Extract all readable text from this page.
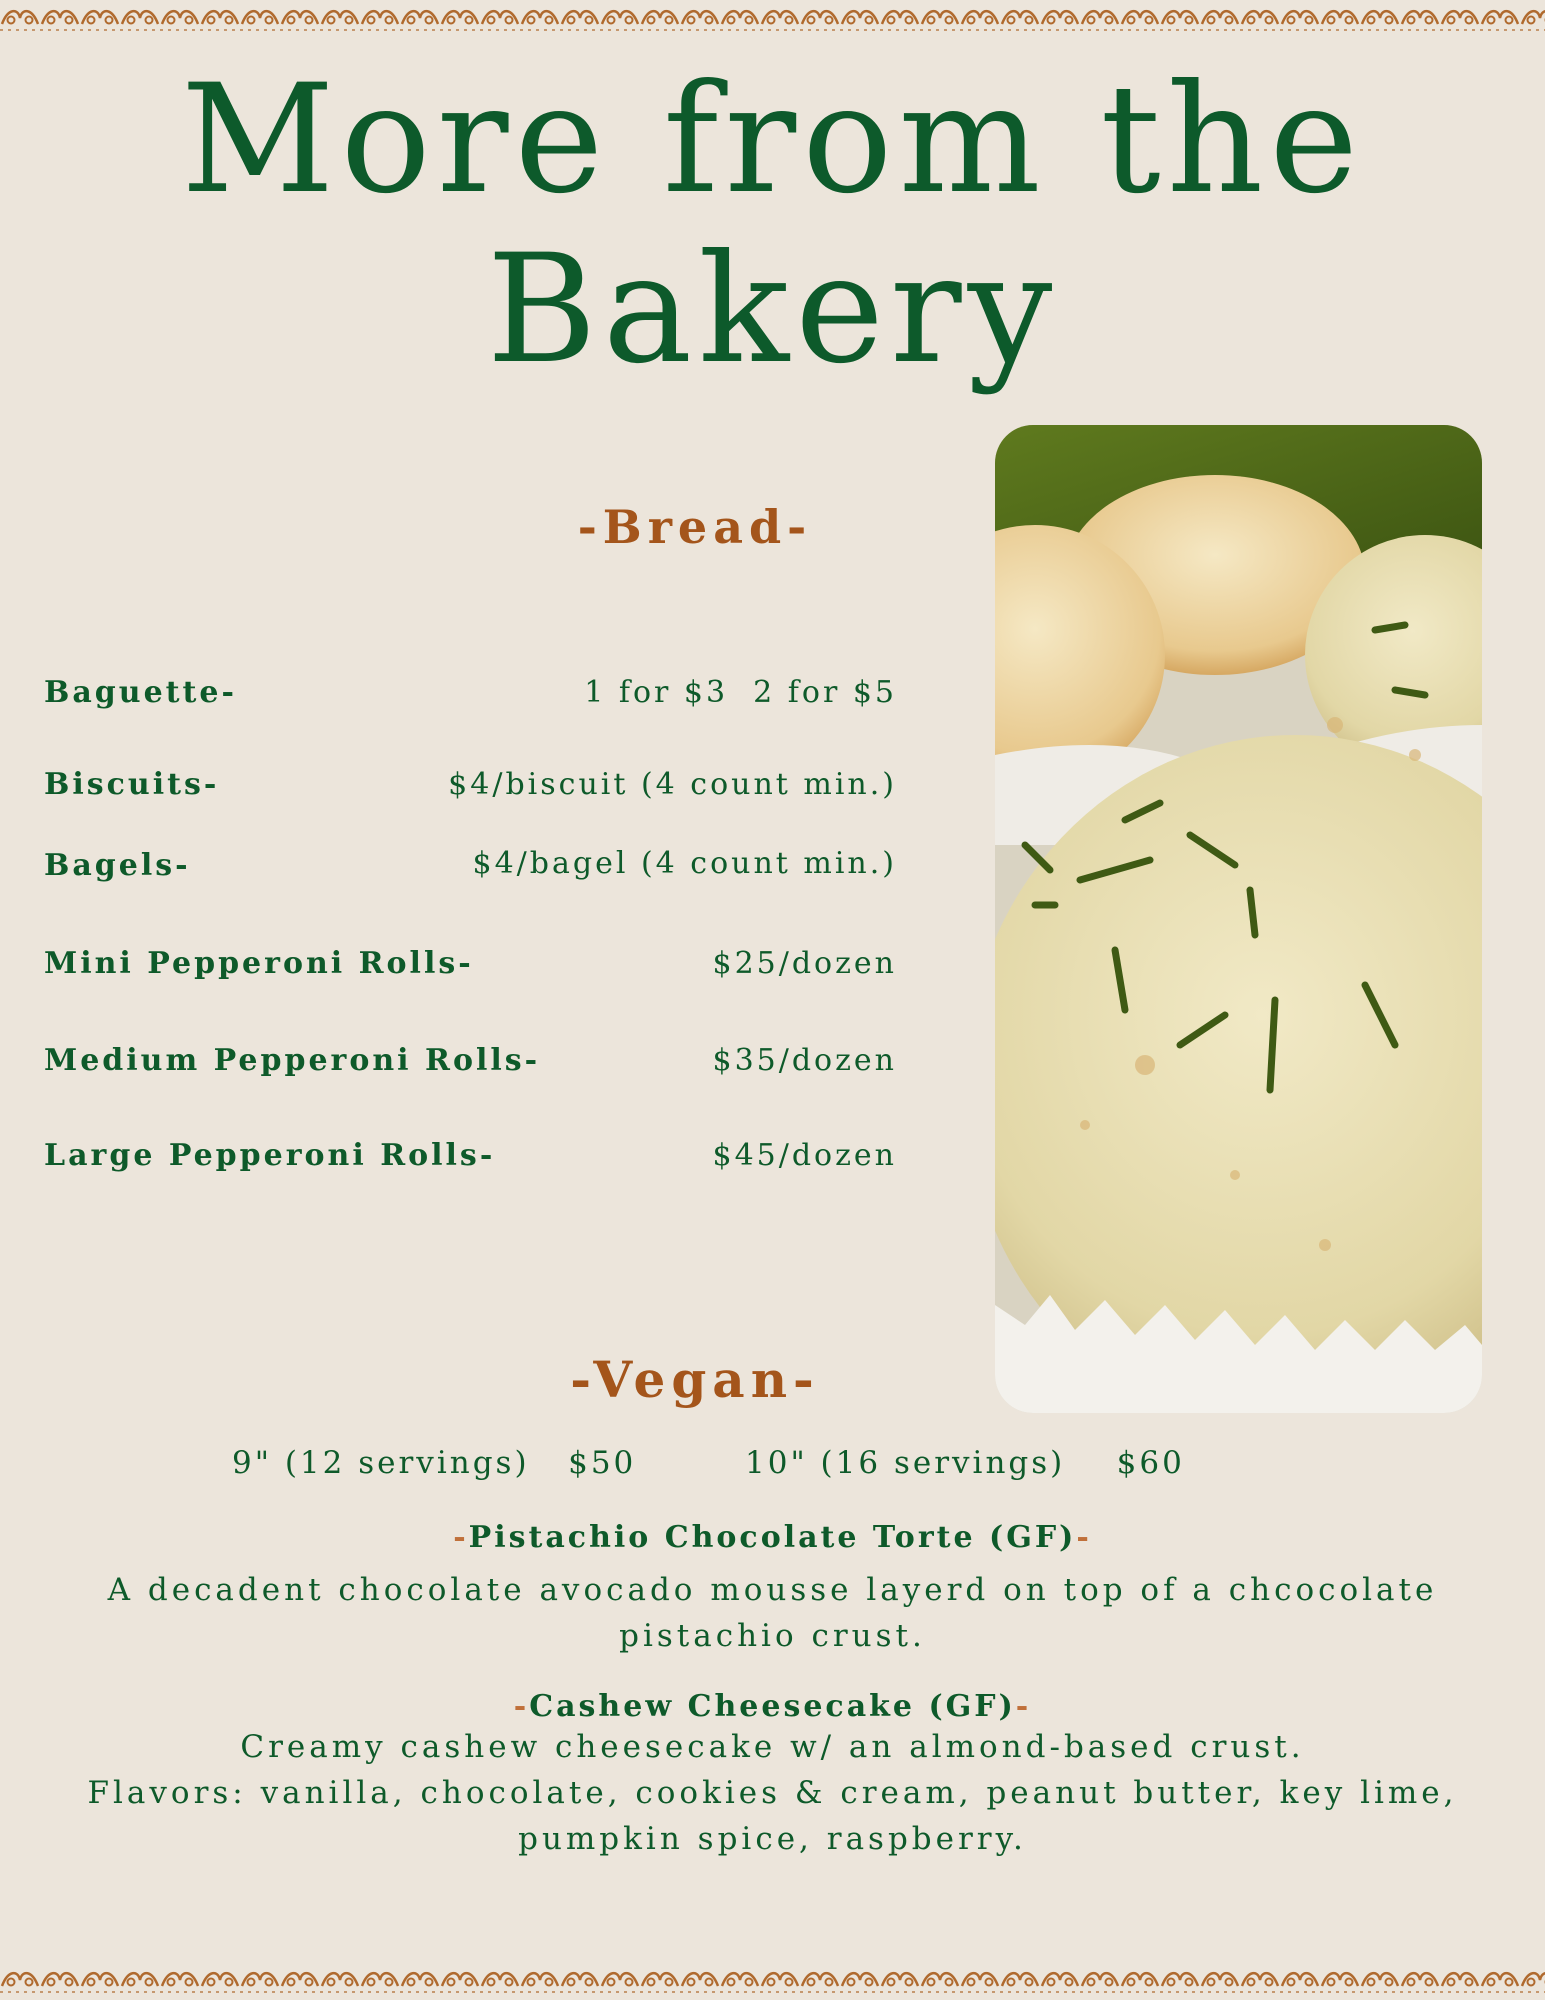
More from the
Bakery
-Bread-
Baguette-	1 for $3  2 for $5
Biscuits-	$4/biscuit (4 count min.)
Bagels-	$4/bagel (4 count min.)
Mini Pepperoni Rolls-	$25/dozen
Medium Pepperoni Rolls-	$35/dozen
Large Pepperoni Rolls-	$45/dozen
-Vegan-
9" (12 servings)   $50	10" (16 servings)    $60
-Pistachio Chocolate Torte (GF)-
A decadent chocolate avocado mousse layerd on top of a chcocolate
pistachio crust.
-Cashew Cheesecake (GF)-
Creamy cashew cheesecake w/ an almond-based crust.
Flavors: vanilla, chocolate, cookies & cream, peanut butter, key lime,
pumpkin spice, raspberry.
